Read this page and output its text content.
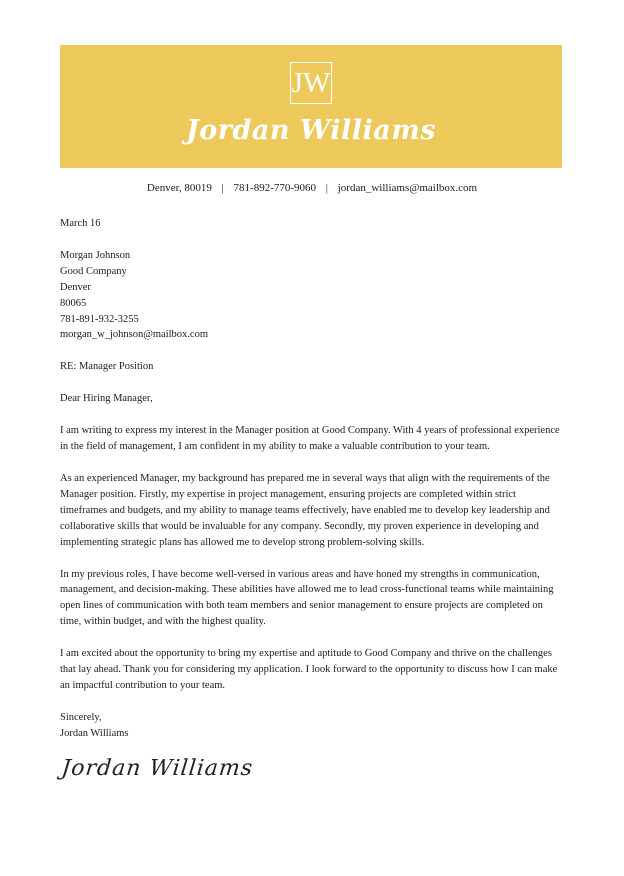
JW
Jordan Williams
Denver, 80019 | 781-892-770-9060 | jordan_williams@mailbox.com
March 16
Morgan Johnson
Good Company
Denver
80065
781-891-932-3255
morgan_w_johnson@mailbox.com
RE: Manager Position
Dear Hiring Manager,

I am writing to express my interest in the Manager position at Good Company. With 4 years of professional experience in the field of management, I am confident in my ability to make a valuable contribution to your team.

As an experienced Manager, my background has prepared me in several ways that align with the requirements of the Manager position. Firstly, my expertise in project management, ensuring projects are completed within strict timeframes and budgets, and my ability to manage teams effectively, have enabled me to develop key leadership and collaborative skills that would be invaluable for any company. Secondly, my proven experience in developing and implementing strategic plans has allowed me to develop strong problem-solving skills.

In my previous roles, I have become well-versed in various areas and have honed my strengths in communication, management, and decision-making. These abilities have allowed me to lead cross-functional teams while maintaining open lines of communication with both team members and senior management to ensure projects are completed on time, within budget, and with the highest quality.

I am excited about the opportunity to bring my expertise and aptitude to Good Company and thrive on the challenges that lay ahead. Thank you for considering my application. I look forward to the opportunity to discuss how I can make an impactful contribution to your team.

Sincerely,
Jordan Williams
Jordan Williams
